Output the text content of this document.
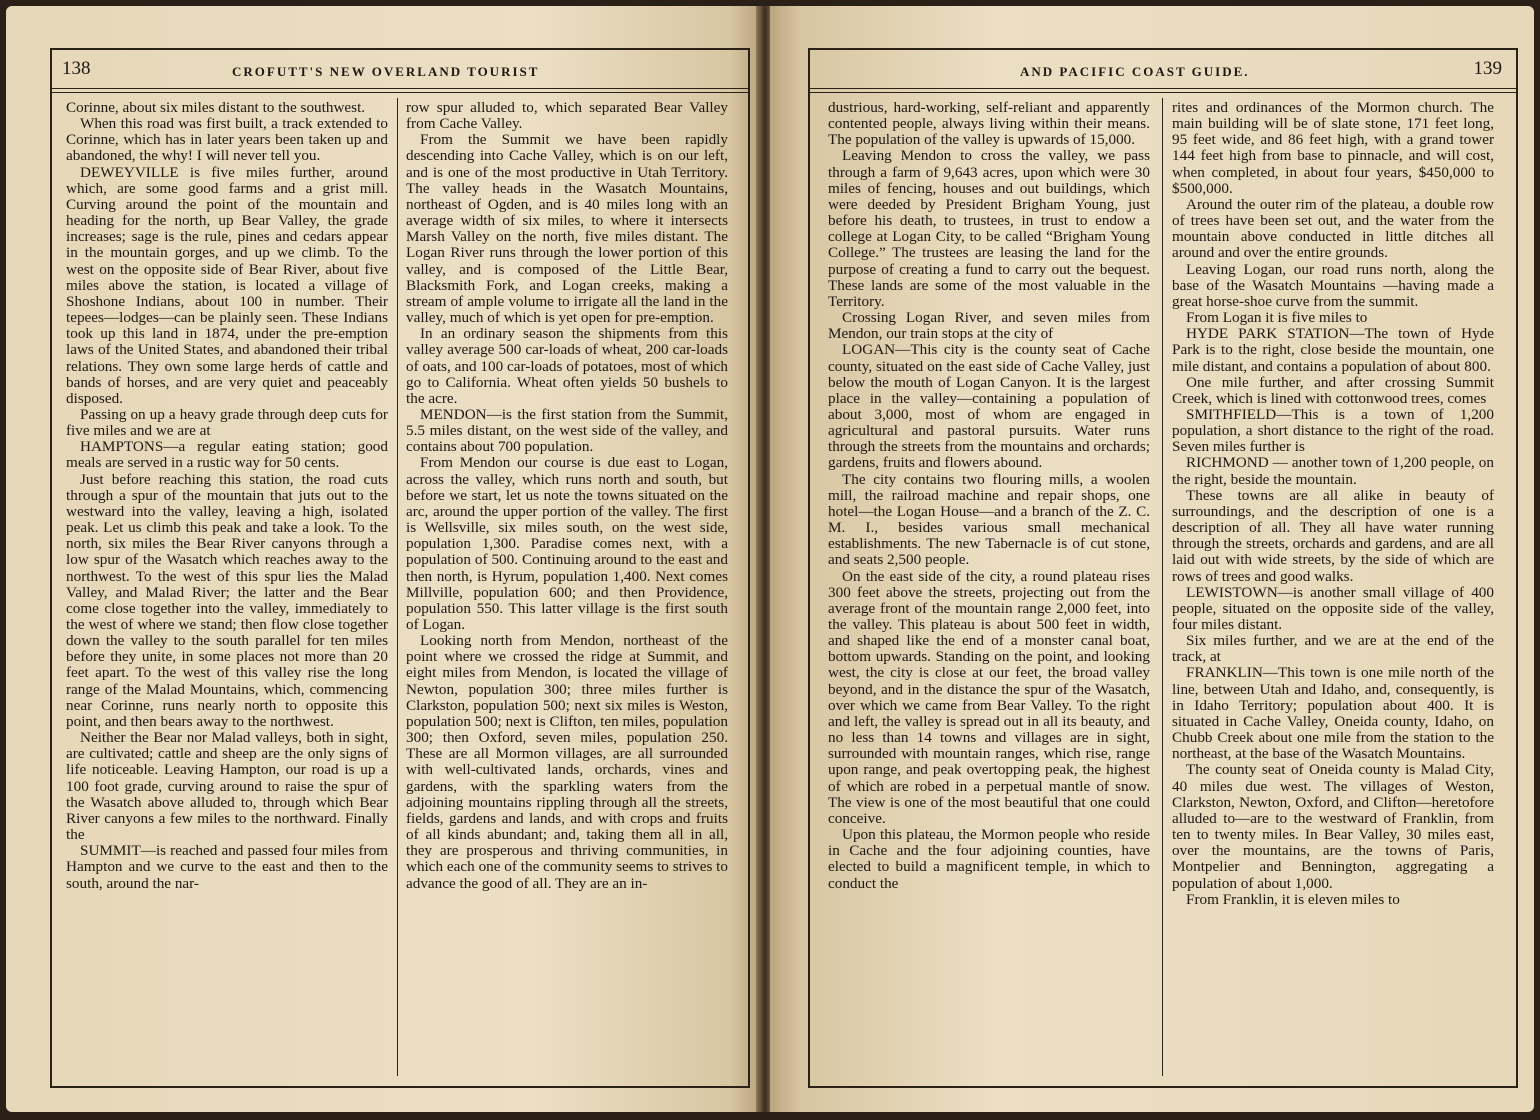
138	CROFUTT'S NEW OVERLAND TOURIST

Corinne, about six miles distant to the southwest.

When this road was first built, a track extended to Corinne, which has in later years been taken up and abandoned, the why! I will never tell you.

DEWEYVILLE is five miles further, around which, are some good farms and a grist mill. Curving around the point of the mountain and heading for the north, up Bear Valley, the grade increases; sage is the rule, pines and cedars appear in the mountain gorges, and up we climb. To the west on the opposite side of Bear River, about five miles above the station, is located a village of Shoshone Indians, about 100 in number. Their tepees—lodges—can be plainly seen. These Indians took up this land in 1874, under the pre-emption laws of the United States, and abandoned their tribal relations. They own some large herds of cattle and bands of horses, and are very quiet and peaceably disposed.

Passing on up a heavy grade through deep cuts for five miles and we are at

HAMPTONS—a regular eating station; good meals are served in a rustic way for 50 cents.

Just before reaching this station, the road cuts through a spur of the mountain that juts out to the westward into the valley, leaving a high, isolated peak. Let us climb this peak and take a look. To the north, six miles the Bear River canyons through a low spur of the Wasatch which reaches away to the northwest. To the west of this spur lies the Malad Valley, and Malad River; the latter and the Bear come close together into the valley, immediately to the west of where we stand; then flow close together down the valley to the south parallel for ten miles before they unite, in some places not more than 20 feet apart. To the west of this valley rise the long range of the Malad Mountains, which, commencing near Corinne, runs nearly north to opposite this point, and then bears away to the northwest.

Neither the Bear nor Malad valleys, both in sight, are cultivated; cattle and sheep are the only signs of life noticeable. Leaving Hampton, our road is up a 100 foot grade, curving around to raise the spur of the Wasatch above alluded to, through which Bear River canyons a few miles to the northward. Finally the

SUMMIT—is reached and passed four miles from Hampton and we curve to the east and then to the south, around the nar-

row spur alluded to, which separated Bear Valley from Cache Valley.

From the Summit we have been rapidly descending into Cache Valley, which is on our left, and is one of the most productive in Utah Territory. The valley heads in the Wasatch Mountains, northeast of Ogden, and is 40 miles long with an average width of six miles, to where it intersects Marsh Valley on the north, five miles distant. The Logan River runs through the lower portion of this valley, and is composed of the Little Bear, Blacksmith Fork, and Logan creeks, making a stream of ample volume to irrigate all the land in the valley, much of which is yet open for pre-emption.

In an ordinary season the shipments from this valley average 500 car-loads of wheat, 200 car-loads of oats, and 100 car-loads of potatoes, most of which go to California. Wheat often yields 50 bushels to the acre.

MENDON—is the first station from the Summit, 5.5 miles distant, on the west side of the valley, and contains about 700 population.

From Mendon our course is due east to Logan, across the valley, which runs north and south, but before we start, let us note the towns situated on the arc, around the upper portion of the valley. The first is Wellsville, six miles south, on the west side, population 1,300. Paradise comes next, with a population of 500. Continuing around to the east and then north, is Hyrum, population 1,400. Next comes Millville, population 600; and then Providence, population 550. This latter village is the first south of Logan.

Looking north from Mendon, northeast of the point where we crossed the ridge at Summit, and eight miles from Mendon, is located the village of Newton, population 300; three miles further is Clarkston, population 500; next six miles is Weston, population 500; next is Clifton, ten miles, population 300; then Oxford, seven miles, population 250. These are all Mormon villages, are all surrounded with well-cultivated lands, orchards, vines and gardens, with the sparkling waters from the adjoining mountains rippling through all the streets, fields, gardens and lands, and with crops and fruits of all kinds abundant; and, taking them all in all, they are prosperous and thriving communities, in which each one of the community seems to strives to advance the good of all. They are an in-

AND PACIFIC COAST GUIDE.	139

dustrious, hard-working, self-reliant and apparently contented people, always living within their means. The population of the valley is upwards of 15,000.

Leaving Mendon to cross the valley, we pass through a farm of 9,643 acres, upon which were 30 miles of fencing, houses and out buildings, which were deeded by President Brigham Young, just before his death, to trustees, in trust to endow a college at Logan City, to be called “Brigham Young College.” The trustees are leasing the land for the purpose of creating a fund to carry out the bequest. These lands are some of the most valuable in the Territory.

Crossing Logan River, and seven miles from Mendon, our train stops at the city of

LOGAN—This city is the county seat of Cache county, situated on the east side of Cache Valley, just below the mouth of Logan Canyon. It is the largest place in the valley—containing a population of about 3,000, most of whom are engaged in agricultural and pastoral pursuits. Water runs through the streets from the mountains and orchards; gardens, fruits and flowers abound.

The city contains two flouring mills, a woolen mill, the railroad machine and repair shops, one hotel—the Logan House—and a branch of the Z. C. M. I., besides various small mechanical establishments. The new Tabernacle is of cut stone, and seats 2,500 people.

On the east side of the city, a round plateau rises 300 feet above the streets, projecting out from the average front of the mountain range 2,000 feet, into the valley. This plateau is about 500 feet in width, and shaped like the end of a monster canal boat, bottom upwards. Standing on the point, and looking west, the city is close at our feet, the broad valley beyond, and in the distance the spur of the Wasatch, over which we came from Bear Valley. To the right and left, the valley is spread out in all its beauty, and no less than 14 towns and villages are in sight, surrounded with mountain ranges, which rise, range upon range, and peak overtopping peak, the highest of which are robed in a perpetual mantle of snow. The view is one of the most beautiful that one could conceive.

Upon this plateau, the Mormon people who reside in Cache and the four adjoining counties, have elected to build a magnificent temple, in which to conduct the

rites and ordinances of the Mormon church. The main building will be of slate stone, 171 feet long, 95 feet wide, and 86 feet high, with a grand tower 144 feet high from base to pinnacle, and will cost, when completed, in about four years, $450,000 to $500,000.

Around the outer rim of the plateau, a double row of trees have been set out, and the water from the mountain above conducted in little ditches all around and over the entire grounds.

Leaving Logan, our road runs north, along the base of the Wasatch Mountains —having made a great horse-shoe curve from the summit.

From Logan it is five miles to

HYDE PARK STATION—The town of Hyde Park is to the right, close beside the mountain, one mile distant, and contains a population of about 800.

One mile further, and after crossing Summit Creek, which is lined with cottonwood trees, comes

SMITHFIELD—This is a town of 1,200 population, a short distance to the right of the road. Seven miles further is

RICHMOND — another town of 1,200 people, on the right, beside the mountain.

These towns are all alike in beauty of surroundings, and the description of one is a description of all. They all have water running through the streets, orchards and gardens, and are all laid out with wide streets, by the side of which are rows of trees and good walks.

LEWISTOWN—is another small village of 400 people, situated on the opposite side of the valley, four miles distant.

Six miles further, and we are at the end of the track, at

FRANKLIN—This town is one mile north of the line, between Utah and Idaho, and, consequently, is in Idaho Territory; population about 400. It is situated in Cache Valley, Oneida county, Idaho, on Chubb Creek about one mile from the station to the northeast, at the base of the Wasatch Mountains.

The county seat of Oneida county is Malad City, 40 miles due west. The villages of Weston, Clarkston, Newton, Oxford, and Clifton—heretofore alluded to—are to the westward of Franklin, from ten to twenty miles. In Bear Valley, 30 miles east, over the mountains, are the towns of Paris, Montpelier and Bennington, aggregating a population of about 1,000.

From Franklin, it is eleven miles to
